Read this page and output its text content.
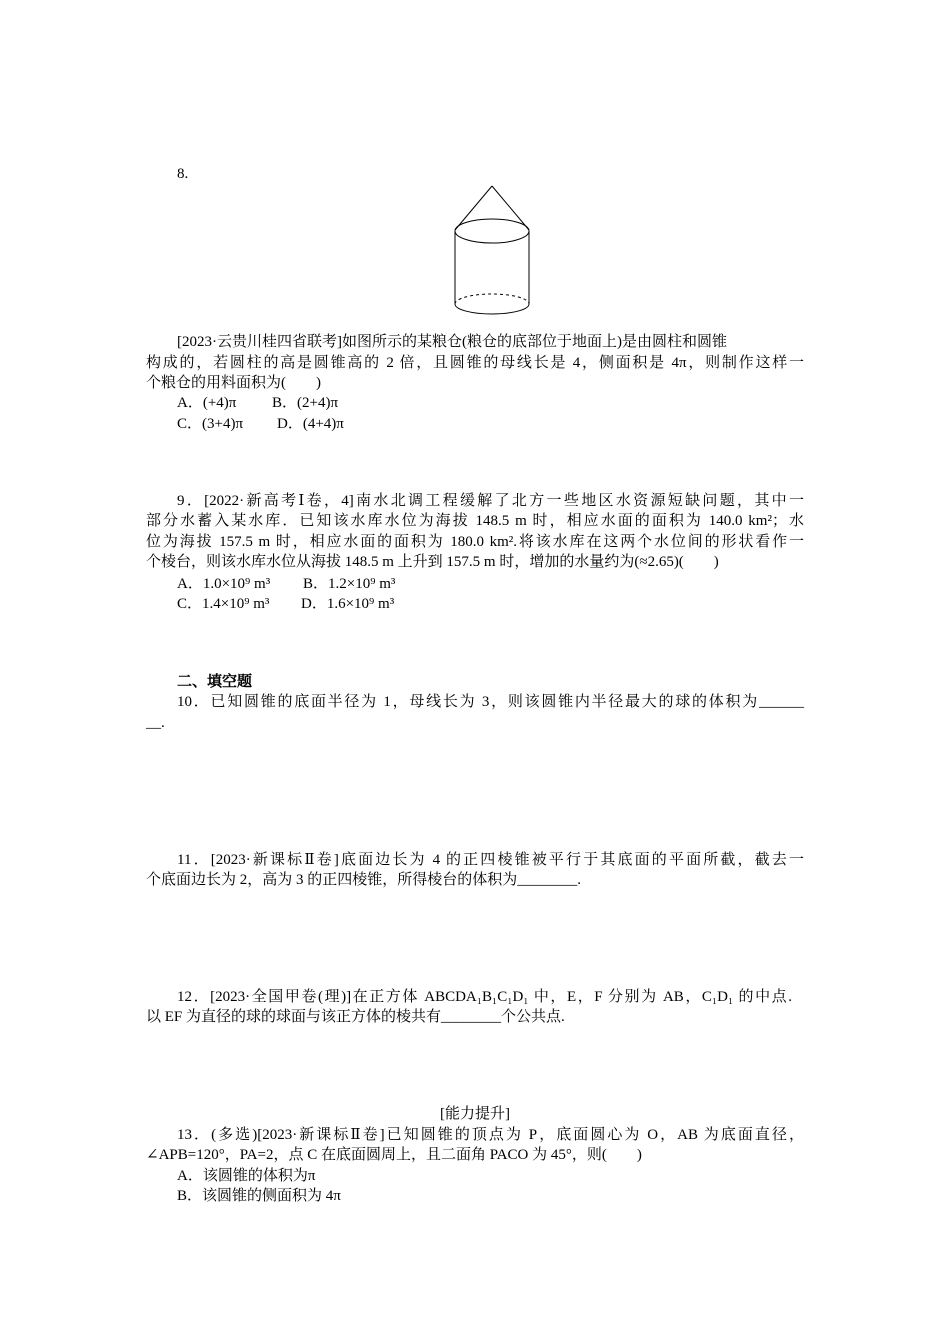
8.
[2023·云贵川桂四省联考]如图所示的某粮仓(粮仓的底部位于地面上)是由圆柱和圆锥
构成的，若圆柱的高是圆锥高的 2 倍，且圆锥的母线长是 4，侧面积是 4π，则制作这样一
个粮仓的用料面积为(　　)
A．(+4)π B．(2+4)π
C．(3+4)π D．(4+4)π
9．[2022·新高考Ⅰ卷，4]南水北调工程缓解了北方一些地区水资源短缺问题，其中一
部分水蓄入某水库．已知该水库水位为海拔 148.5 m 时，相应水面的面积为 140.0 km²；水
位为海拔 157.5 m 时，相应水面的面积为 180.0 km².将该水库在这两个水位间的形状看作一
个棱台，则该水库水位从海拔 148.5 m 上升到 157.5 m 时，增加的水量约为(≈2.65)(　　)
A．1.0×10⁹ m³ B．1.2×10⁹ m³
C．1.4×10⁹ m³ D．1.6×10⁹ m³
二、填空题
10．已知圆锥的底面半径为 1，母线长为 3，则该圆锥内半径最大的球的体积为______
__.
11．[2023·新课标Ⅱ卷]底面边长为 4 的正四棱锥被平行于其底面的平面所截，截去一
个底面边长为 2，高为 3 的正四棱锥，所得棱台的体积为________.
12．[2023·全国甲卷(理)]在正方体 ABCDA₁B₁C₁D₁ 中，E，F 分别为 AB，C₁D₁ 的中点.
以 EF 为直径的球的球面与该正方体的棱共有________个公共点.
[能力提升]
13．(多选)[2023·新课标Ⅱ卷]已知圆锥的顶点为 P，底面圆心为 O，AB 为底面直径，
∠APB=120°，PA=2，点 C 在底面圆周上，且二面角 PACO 为 45°，则(　　)
A．该圆锥的体积为π
B．该圆锥的侧面积为 4π
